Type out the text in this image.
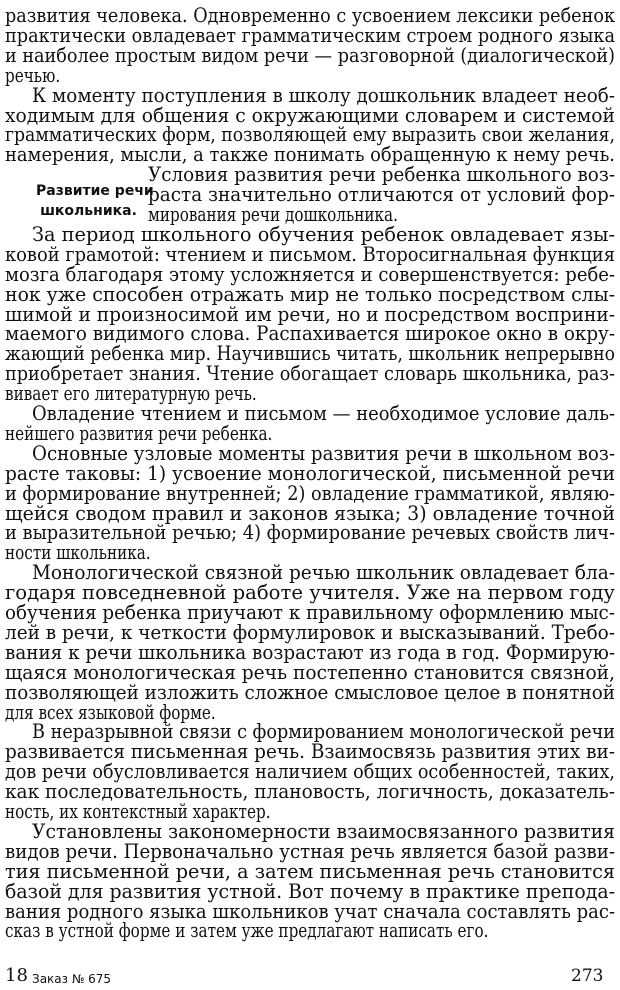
развития человека. Одновременно с усвоением лексики ребенок
практически овладевает грамматическим строем родного языка
и наиболее простым видом речи — разговорной (диалогической)
речью.
К моменту поступления в школу дошкольник владеет необ-
ходимым для общения с окружающими словарем и системой
грамматических форм, позволяющей ему выразить свои желания,
намерения, мысли, а также понимать обращенную к нему речь.
Условия развития речи ребенка школьного воз-
раста значительно отличаются от условий фор-
мирования речи дошкольника.
За период школьного обучения ребенок овладевает язы-
ковой грамотой: чтением и письмом. Второсигнальная функция
мозга благодаря этому усложняется и совершенствуется: ребе-
нок уже способен отражать мир не только посредством слы-
шимой и произносимой им речи, но и посредством восприни-
маемого видимого слова. Распахивается широкое окно в окру-
жающий ребенка мир. Научившись читать, школьник непрерывно
приобретает знания. Чтение обогащает словарь школьника, раз-
вивает его литературную речь.
Овладение чтением и письмом — необходимое условие даль-
нейшего развития речи ребенка.
Основные узловые моменты развития речи в школьном воз-
расте таковы: 1) усвоение монологической, письменной речи
и формирование внутренней; 2) овладение грамматикой, являю-
щейся сводом правил и законов языка; 3) овладение точной
и выразительной речью; 4) формирование речевых свойств лич-
ности школьника.
Монологической связной речью школьник овладевает бла-
годаря повседневной работе учителя. Уже на первом году
обучения ребенка приучают к правильному оформлению мыс-
лей в речи, к четкости формулировок и высказываний. Требо-
вания к речи школьника возрастают из года в год. Формирую-
щаяся монологическая речь постепенно становится связной,
позволяющей изложить сложное смысловое целое в понятной
для всех языковой форме.
В неразрывной связи с формированием монологической речи
развивается письменная речь. Взаимосвязь развития этих ви-
дов речи обусловливается наличием общих особенностей, таких,
как последовательность, плановость, логичность, доказатель-
ность, их контекстный характер.
Установлены закономерности взаимосвязанного развития
видов речи. Первоначально устная речь является базой разви-
тия письменной речи, а затем письменная речь становится
базой для развития устной. Вот почему в практике препода-
вания родного языка школьников учат сначала составлять рас-
сказ в устной форме и затем уже предлагают написать его.
Развитие речи
школьника.
18 Заказ № 675	273
